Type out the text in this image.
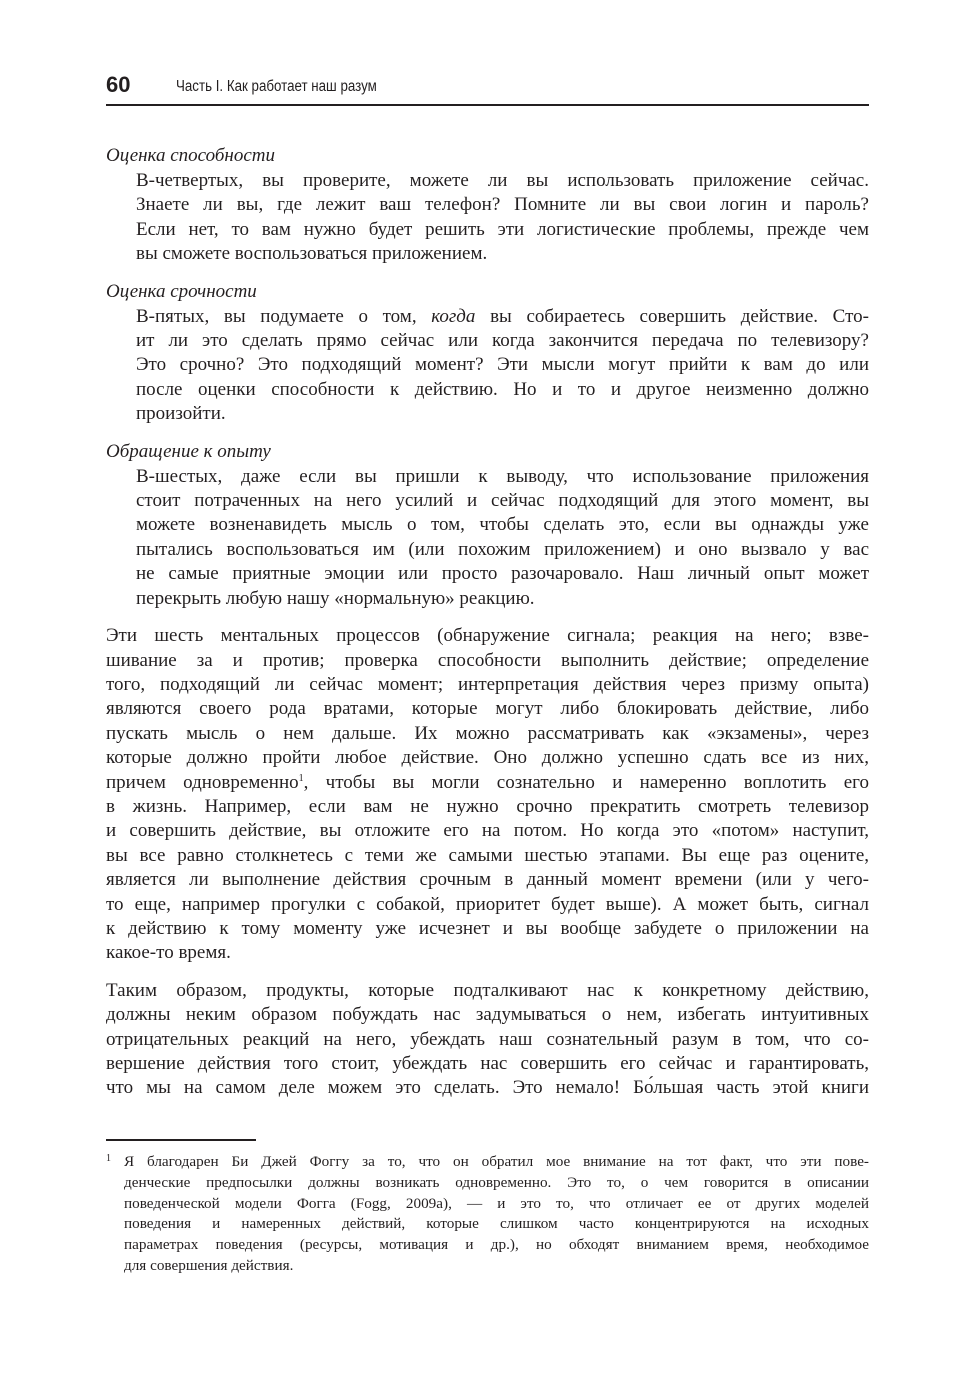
60	Часть I. Как работает наш разум

Оценка способности

В-четвертых, вы проверите, можете ли вы использовать приложение сейчас.
Знаете ли вы, где лежит ваш телефон? Помните ли вы свои логин и пароль?
Если нет, то вам нужно будет решить эти логистические проблемы, прежде чем
вы сможете воспользоваться приложением.

Оценка срочности

В-пятых, вы подумаете о том, когда вы собираетесь совершить действие. Сто-
ит ли это сделать прямо сейчас или когда закончится передача по телевизору?
Это срочно? Это подходящий момент? Эти мысли могут прийти к вам до или
после оценки способности к действию. Но и то и другое неизменно должно
произойти.

Обращение к опыту

В-шестых, даже если вы пришли к выводу, что использование приложения
стоит потраченных на него усилий и сейчас подходящий для этого момент, вы
можете возненавидеть мысль о том, чтобы сделать это, если вы однажды уже
пытались воспользоваться им (или похожим приложением) и оно вызвало у вас
не самые приятные эмоции или просто разочаровало. Наш личный опыт может
перекрыть любую нашу «нормальную» реакцию.
Эти шесть ментальных процессов (обнаружение сигнала; реакция на него; взве-
шивание за и против; проверка способности выполнить действие; определение
того, подходящий ли сейчас момент; интерпретация действия через призму опыта)
являются своего рода вратами, которые могут либо блокировать действие, либо
пускать мысль о нем дальше. Их можно рассматривать как «экзамены», через
которые должно пройти любое действие. Оно должно успешно сдать все из них,
причем одновременно$^1$, чтобы вы могли сознательно и намеренно воплотить его
в жизнь. Например, если вам не нужно срочно прекратить смотреть телевизор
и совершить действие, вы отложите его на потом. Но когда это «потом» наступит,
вы все равно столкнетесь с теми же самыми шестью этапами. Вы еще раз оцените,
является ли выполнение действия срочным в данный момент времени (или у чего-
то еще, например прогулки с собакой, приоритет будет выше). А может быть, сигнал
к действию к тому моменту уже исчезнет и вы вообще забудете о приложении на
какое-то время.
Таким образом, продукты, которые подталкивают нас к конкретному действию,
должны неким образом побуждать нас задумываться о нем, избегать интуитивных
отрицательных реакций на него, убеждать наш сознательный разум в том, что со-
вершение действия того стоит, убеждать нас совершить его сейчас и гарантировать,
что мы на самом деле можем это сделать. Это немало! Бо́льшая часть этой книги
1 Я благодарен Би Джей Фоггу за то, что он обратил мое внимание на тот факт, что эти пове-
денческие предпосылки должны возникать одновременно. Это то, о чем говорится в описании
поведенческой модели Фогга (Fogg, 2009a), — и это то, что отличает ее от других моделей
поведения и намеренных действий, которые слишком часто концентрируются на исходных
параметрах поведения (ресурсы, мотивация и др.), но обходят вниманием время, необходимое
для совершения действия.
